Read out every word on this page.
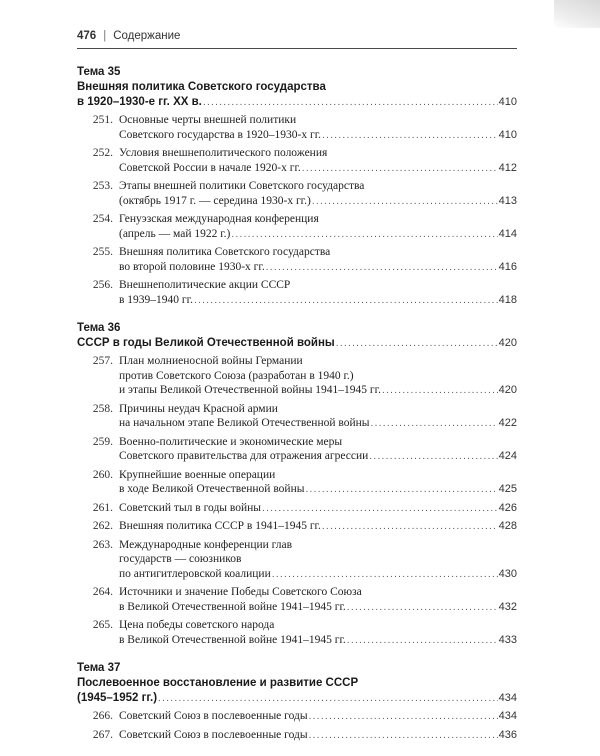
476 | Содержание
Тема 35
Внешняя политика Советского государства
в 1920–1930-е гг. XX в. .....	410
251. Основные черты внешней политики
Советского государства в 1920–1930-х гг. .....	410
252. Условия внешнеполитического положения
Советской России в начале 1920-х гг. .....	412
253. Этапы внешней политики Советского государства
(октябрь 1917 г. — середина 1930-х гг.) .....	413
254. Генуэзская международная конференция
(апрель — май 1922 г.) .....	414
255. Внешняя политика Советского государства
во второй половине 1930-х гг. .....	416
256. Внешнеполитические акции СССР
в 1939–1940 гг. .....	418
Тема 36
СССР в годы Великой Отечественной войны .....	420
257. План молниеносной войны Германии
против Советского Союза (разработан в 1940 г.)
и этапы Великой Отечественной войны 1941–1945 гг. .....	420
258. Причины неудач Красной армии
на начальном этапе Великой Отечественной войны .....	422
259. Военно-политические и экономические меры
Советского правительства для отражения агрессии .....	424
260. Крупнейшие военные операции
в ходе Великой Отечественной войны .....	425
261. Советский тыл в годы войны .....	426
262. Внешняя политика СССР в 1941–1945 гг. .....	428
263. Международные конференции глав
государств — союзников
по антигитлеровской коалиции .....	430
264. Источники и значение Победы Советского Союза
в Великой Отечественной войне 1941–1945 гг. .....	432
265. Цена победы советского народа
в Великой Отечественной войне 1941–1945 гг. .....	433
Тема 37
Послевоенное восстановление и развитие СССР
(1945–1952 гг.) .....	434
266. Советский Союз в послевоенные годы .....	434
267. Советский Союз в послевоенные годы .....	436
